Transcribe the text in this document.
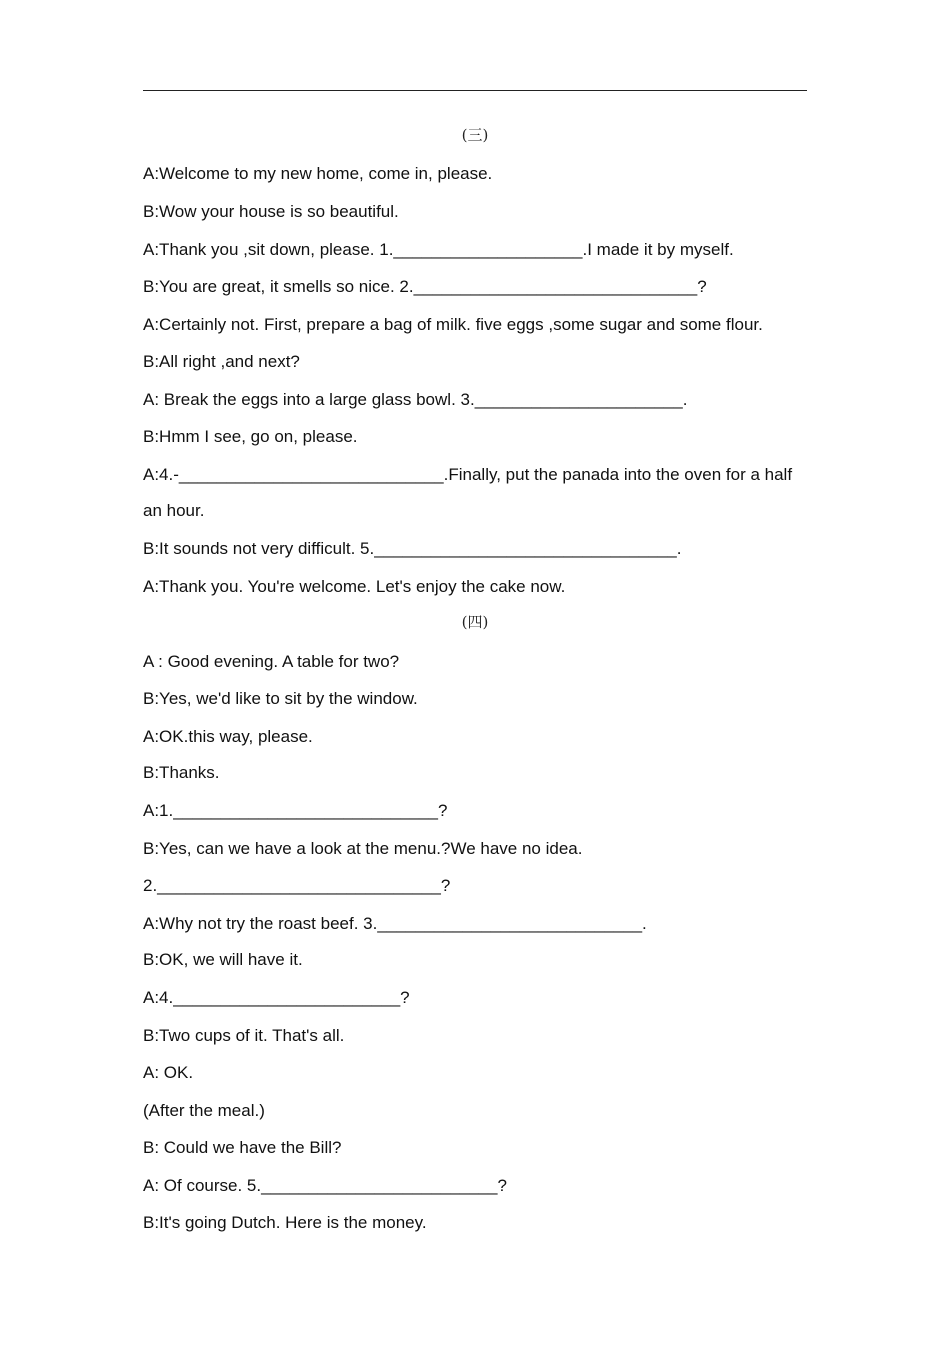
(三)
A:Welcome to my new home, come in, please.
B:Wow your house is so beautiful.
A:Thank you ,sit down, please. 1.____________________.I made it by myself.
B:You are great, it smells so nice. 2.______________________________?
A:Certainly not. First, prepare a bag of milk. five eggs ,some sugar and some flour.
B:All right ,and next?
A: Break the eggs into a large glass bowl. 3.______________________.
B:Hmm I see, go on, please.
A:4.-____________________________.Finally, put the panada into the oven for a half
an hour.
B:It sounds not very difficult. 5.________________________________.
A:Thank you. You're welcome. Let's enjoy the cake now.
(四)
A : Good evening. A table for two?
B:Yes, we'd like to sit by the window.
A:OK.this way, please.
B:Thanks.
A:1.____________________________?
B:Yes, can we have a look at the menu.?We have no idea.
2.______________________________?
A:Why not try the roast beef. 3.____________________________.
B:OK, we will have it.
A:4.________________________?
B:Two cups of it. That's all.
A: OK.
(After the meal.)
B: Could we have the Bill?
A: Of course. 5._________________________?
B:It's going Dutch. Here is the money.
